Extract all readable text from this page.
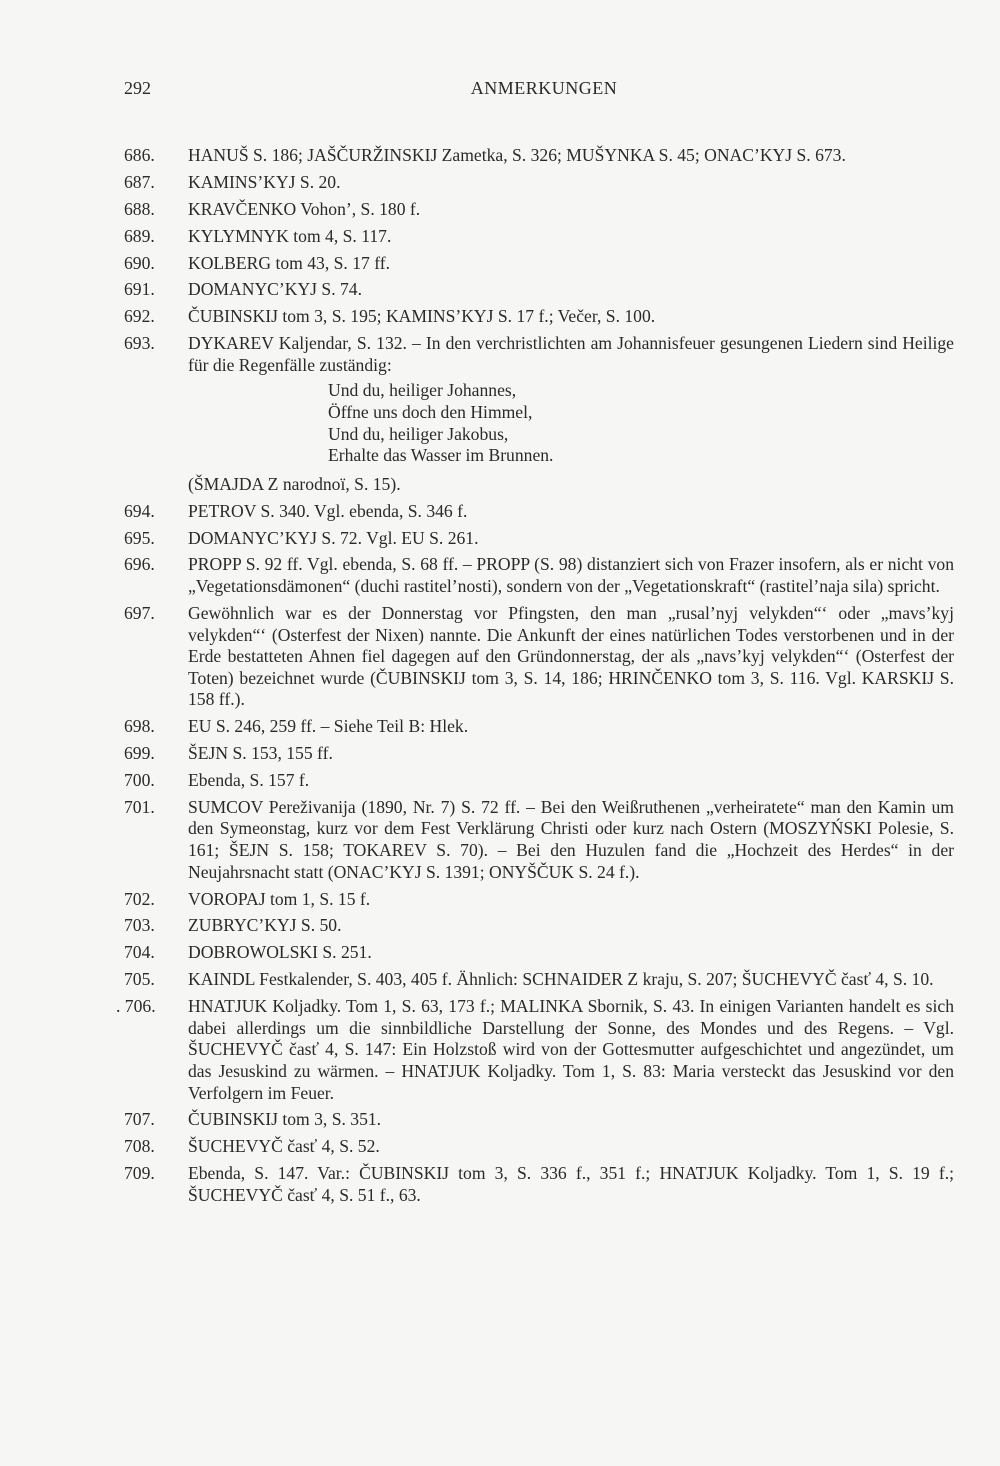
292	ANMERKUNGEN
686.	HANUŠ S. 186; JAŠČURŽINSKIJ Zametka, S. 326; MUŠYNKA S. 45; ONAC’KYJ S. 673.
687.	KAMINS’KYJ S. 20.
688.	KRAVČENKO Vohon’, S. 180 f.
689.	KYLYMNYK tom 4, S. 117.
690.	KOLBERG tom 43, S. 17 ff.
691.	DOMANYC’KYJ S. 74.
692.	ČUBINSKIJ tom 3, S. 195; KAMINS’KYJ S. 17 f.; Večer, S. 100.
693.	DYKAREV Kaljendar, S. 132. – In den verchristlichten am Johannisfeuer gesungenen Liedern sind Heilige für die Regenfälle zuständig:
Und du, heiliger Johannes,
Öffne uns doch den Himmel,
Und du, heiliger Jakobus,
Erhalte das Wasser im Brunnen.
(ŠMAJDA Z narodnoï, S. 15).
694.	PETROV S. 340. Vgl. ebenda, S. 346 f.
695.	DOMANYC’KYJ S. 72. Vgl. EU S. 261.
696.	PROPP S. 92 ff. Vgl. ebenda, S. 68 ff. – PROPP (S. 98) distanziert sich von Frazer insofern, als er nicht von „Vegetationsdämonen“ (duchi rastitel’nosti), sondern von der „Vegetationskraft“ (rastitel’naja sila) spricht.
697.	Gewöhnlich war es der Donnerstag vor Pfingsten, den man „rusal’nyj velykden“‘ oder „mavs’kyj velykden“‘ (Osterfest der Nixen) nannte. Die Ankunft der eines natürlichen Todes verstorbenen und in der Erde bestatteten Ahnen fiel dagegen auf den Gründonnerstag, der als „navs’kyj velykden“‘ (Osterfest der Toten) bezeichnet wurde (ČUBINSKIJ tom 3, S. 14, 186; HRINČENKO tom 3, S. 116. Vgl. KARSKIJ S. 158 ff.).
698.	EU S. 246, 259 ff. – Siehe Teil B: Hlek.
699.	ŠEJN S. 153, 155 ff.
700.	Ebenda, S. 157 f.
701.	SUMCOV Pereživanija (1890, Nr. 7) S. 72 ff. – Bei den Weißruthenen „verheiratete“ man den Kamin um den Symeonstag, kurz vor dem Fest Verklärung Christi oder kurz nach Ostern (MOSZYŃSKI Polesie, S. 161; ŠEJN S. 158; TOKAREV S. 70). – Bei den Huzulen fand die „Hochzeit des Herdes“ in der Neujahrsnacht statt (ONAC’KYJ S. 1391; ONYŠČUK S. 24 f.).
702.	VOROPAJ tom 1, S. 15 f.
703.	ZUBRYC’KYJ S. 50.
704.	DOBROWOLSKI S. 251.
705.	KAINDL Festkalender, S. 403, 405 f. Ähnlich: SCHNAIDER Z kraju, S. 207; ŠUCHEVYČ časť 4, S. 10.
. 706.	HNATJUK Koljadky. Tom 1, S. 63, 173 f.; MALINKA Sbornik, S. 43. In einigen Varianten handelt es sich dabei allerdings um die sinnbildliche Darstellung der Sonne, des Mondes und des Regens. – Vgl. ŠUCHEVYČ časť 4, S. 147: Ein Holzstoß wird von der Gottesmutter aufgeschichtet und angezündet, um das Jesuskind zu wärmen. – HNATJUK Koljadky. Tom 1, S. 83: Maria versteckt das Jesuskind vor den Verfolgern im Feuer.
707.	ČUBINSKIJ tom 3, S. 351.
708.	ŠUCHEVYČ časť 4, S. 52.
709.	Ebenda, S. 147. Var.: ČUBINSKIJ tom 3, S. 336 f., 351 f.; HNATJUK Koljadky. Tom 1, S. 19 f.; ŠUCHEVYČ časť 4, S. 51 f., 63.
